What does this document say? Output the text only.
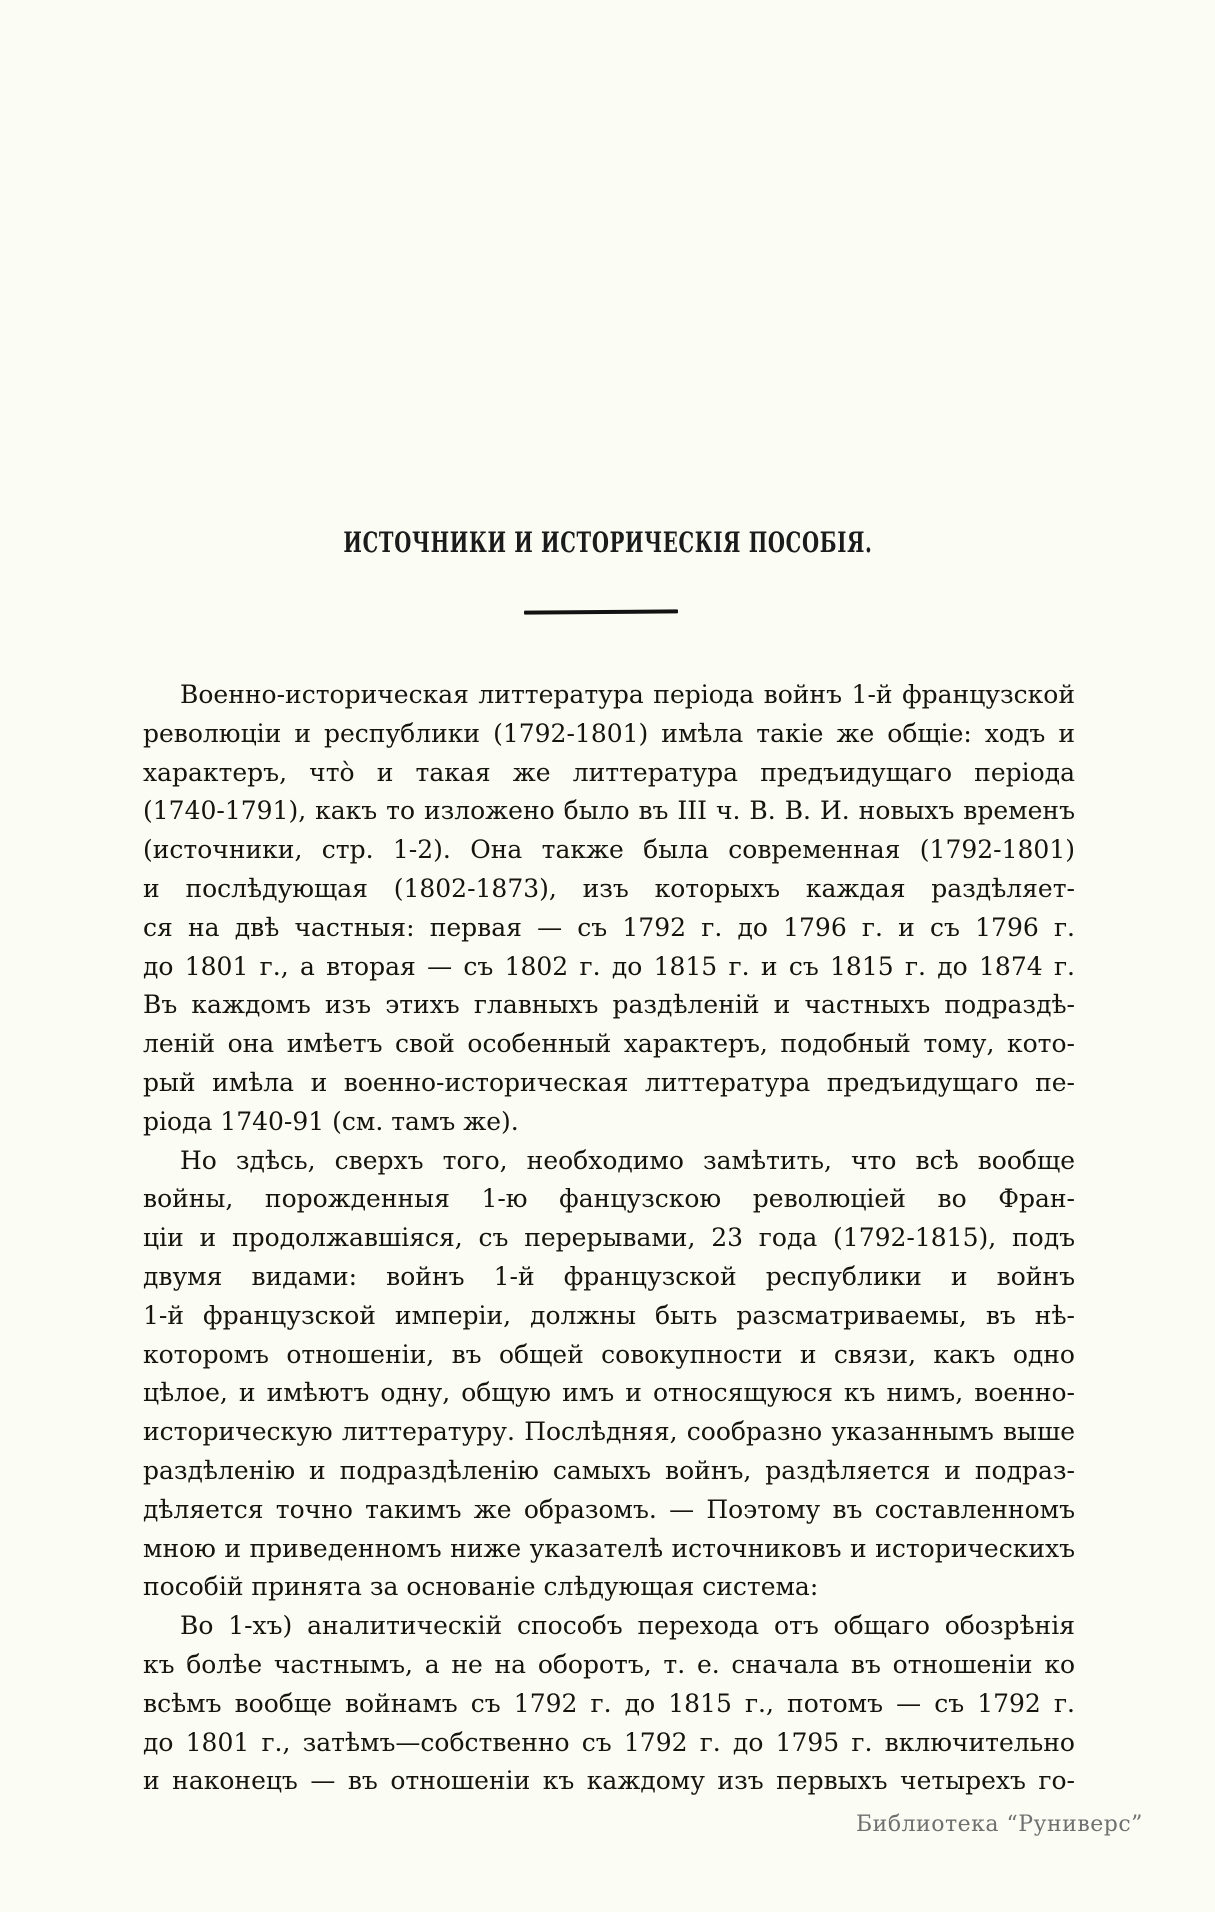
ИСТОЧНИКИ И ИСТОРИЧЕСКІЯ ПОСОБІЯ.
Военно-историческая литтература періода войнъ 1-й французской
революціи и республики (1792-1801) имѣла такіе же общіе: ходъ и
характеръ, что̀ и такая же литтература предъидущаго періода
(1740-1791), какъ то изложено было въ III ч. В. В. И. новыхъ временъ
(источники, стр. 1-2). Она также была современная (1792-1801)
и послѣдующая (1802-1873), изъ которыхъ каждая раздѣляет-
ся на двѣ частныя: первая — съ 1792 г. до 1796 г. и съ 1796 г.
до 1801 г., а вторая — съ 1802 г. до 1815 г. и съ 1815 г. до 1874 г.
Въ каждомъ изъ этихъ главныхъ раздѣленій и частныхъ подраздѣ-
леній она имѣетъ свой особенный характеръ, подобный тому, кото-
рый имѣла и военно-историческая литтература предъидущаго пе-
ріода 1740-91 (см. тамъ же).
Но здѣсь, сверхъ того, необходимо замѣтить, что всѣ вообще
войны, порожденныя 1-ю фанцузскою революціей во Фран-
ціи и продолжавшіяся, съ перерывами, 23 года (1792-1815), подъ
двумя видами: войнъ 1-й французской республики и войнъ
1-й французской имперіи, должны быть разсматриваемы, въ нѣ-
которомъ отношеніи, въ общей совокупности и связи, какъ одно
цѣлое, и имѣютъ одну, общую имъ и относящуюся къ нимъ, военно-
историческую литтературу. Послѣдняя, сообразно указаннымъ выше
раздѣленію и подраздѣленію самыхъ войнъ, раздѣляется и подраз-
дѣляется точно такимъ же образомъ. — Поэтому въ составленномъ
мною и приведенномъ ниже указателѣ источниковъ и историческихъ
пособій принята за основаніе слѣдующая система:
Во 1-хъ) аналитическій способъ перехода отъ общаго обозрѣнія
къ болѣе частнымъ, а не на оборотъ, т. е. сначала въ отношеніи ко
всѣмъ вообще войнамъ съ 1792 г. до 1815 г., потомъ — съ 1792 г.
до 1801 г., затѣмъ—собственно съ 1792 г. до 1795 г. включительно
и наконецъ — въ отношеніи къ каждому изъ первыхъ четырехъ го-
Библиотека “Руниверс”
